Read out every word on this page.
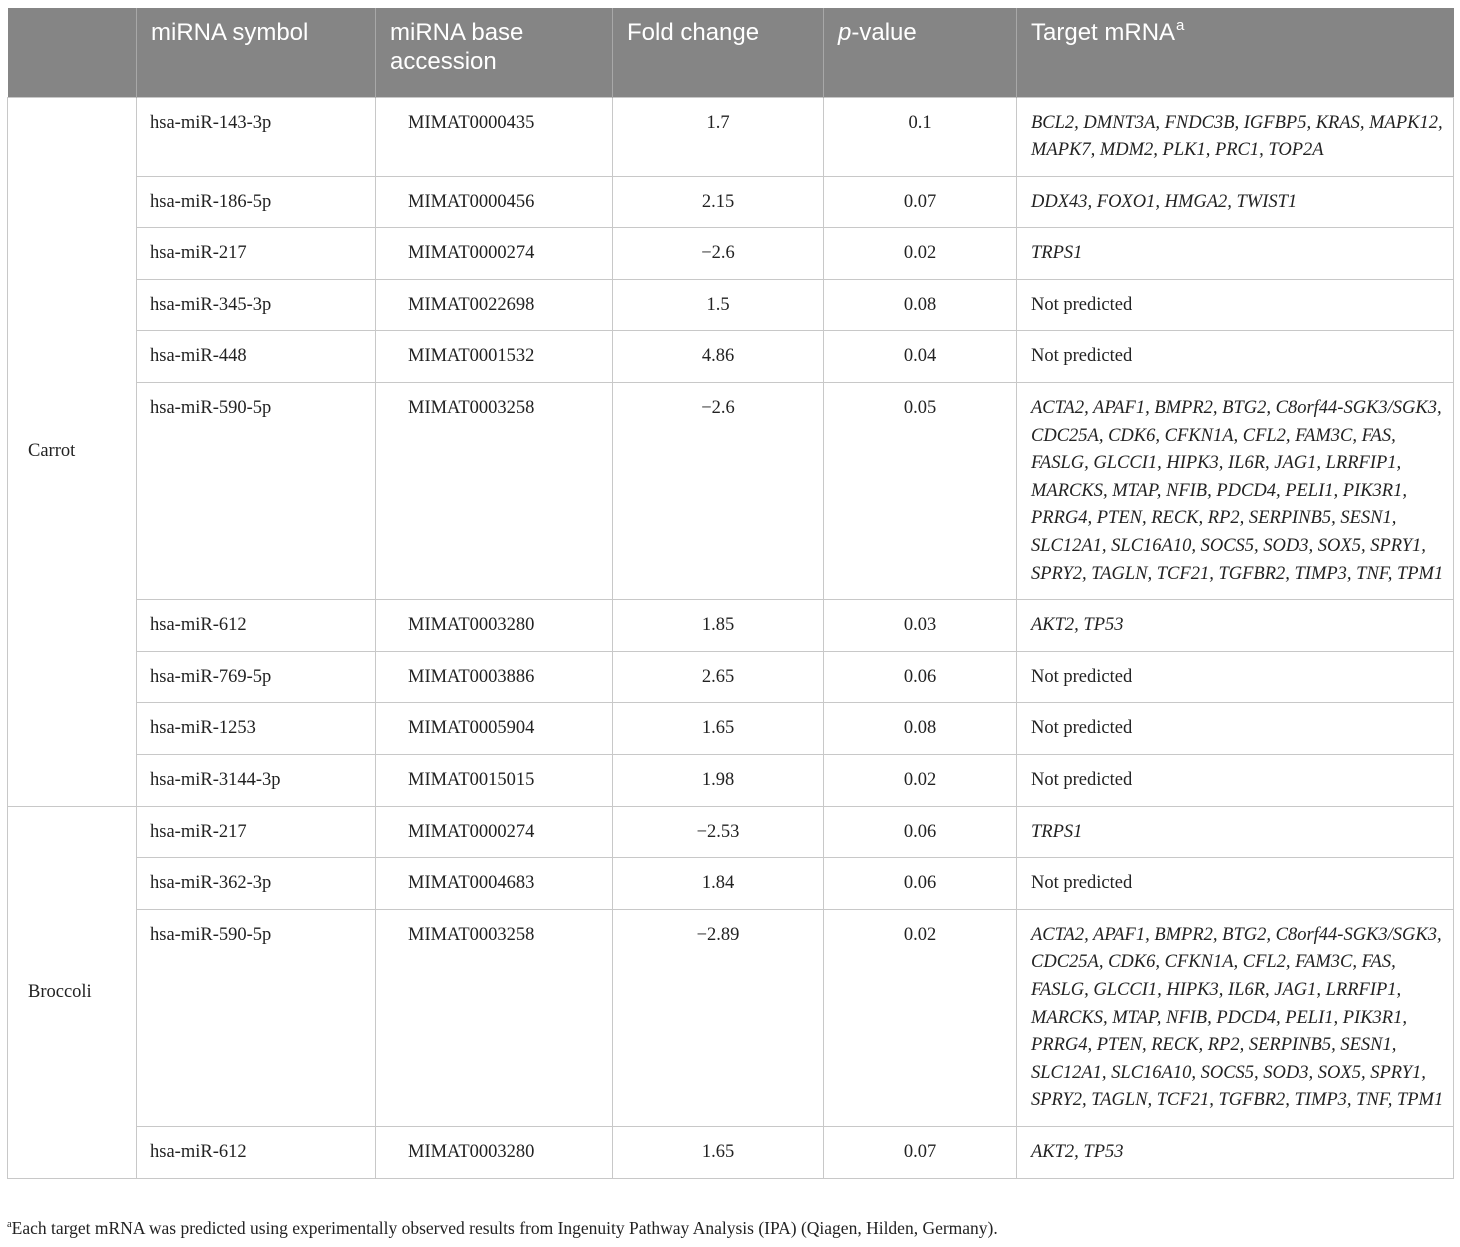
	miRNA symbol	miRNA base accession	Fold change	p-value	Target mRNA$^a$
Carrot	hsa-miR-143-3p	MIMAT0000435	1.7	0.1	BCL2, DMNT3A, FNDC3B, IGFBP5, KRAS, MAPK12, MAPK7, MDM2, PLK1, PRC1, TOP2A
	hsa-miR-186-5p	MIMAT0000456	2.15	0.07	DDX43, FOXO1, HMGA2, TWIST1
	hsa-miR-217	MIMAT0000274	−2.6	0.02	TRPS1
	hsa-miR-345-3p	MIMAT0022698	1.5	0.08	Not predicted
	hsa-miR-448	MIMAT0001532	4.86	0.04	Not predicted
	hsa-miR-590-5p	MIMAT0003258	−2.6	0.05	ACTA2, APAF1, BMPR2, BTG2, C8orf44-SGK3/​SGK3, CDC25A, CDK6, CFKN1A, CFL2, FAM3C, FAS, FASLG, GLCCI1, HIPK3, IL6R, JAG1, LRRFIP1, MARCKS, MTAP, NFIB, PDCD4, PELI1, PIK3R1, PRRG4, PTEN, RECK, RP2, SERPINB5, SESN1, SLC12A1, SLC16A10, SOCS5, SOD3, SOX5, SPRY1, SPRY2, TAGLN, TCF21, TGFBR2, TIMP3, TNF, TPM1
	hsa-miR-612	MIMAT0003280	1.85	0.03	AKT2, TP53
	hsa-miR-769-5p	MIMAT0003886	2.65	0.06	Not predicted
	hsa-miR-1253	MIMAT0005904	1.65	0.08	Not predicted
	hsa-miR-3144-3p	MIMAT0015015	1.98	0.02	Not predicted
Broccoli	hsa-miR-217	MIMAT0000274	−2.53	0.06	TRPS1
	hsa-miR-362-3p	MIMAT0004683	1.84	0.06	Not predicted
	hsa-miR-590-5p	MIMAT0003258	−2.89	0.02	ACTA2, APAF1, BMPR2, BTG2, C8orf44-SGK3/​SGK3, CDC25A, CDK6, CFKN1A, CFL2, FAM3C, FAS, FASLG, GLCCI1, HIPK3, IL6R, JAG1, LRRFIP1, MARCKS, MTAP, NFIB, PDCD4, PELI1, PIK3R1, PRRG4, PTEN, RECK, RP2, SERPINB5, SESN1, SLC12A1, SLC16A10, SOCS5, SOD3, SOX5, SPRY1, SPRY2, TAGLN, TCF21, TGFBR2, TIMP3, TNF, TPM1
	hsa-miR-612	MIMAT0003280	1.65	0.07	AKT2, TP53
$^a$Each target mRNA was predicted using experimentally observed results from Ingenuity Pathway Analysis (IPA) (Qiagen, Hilden, Germany).
